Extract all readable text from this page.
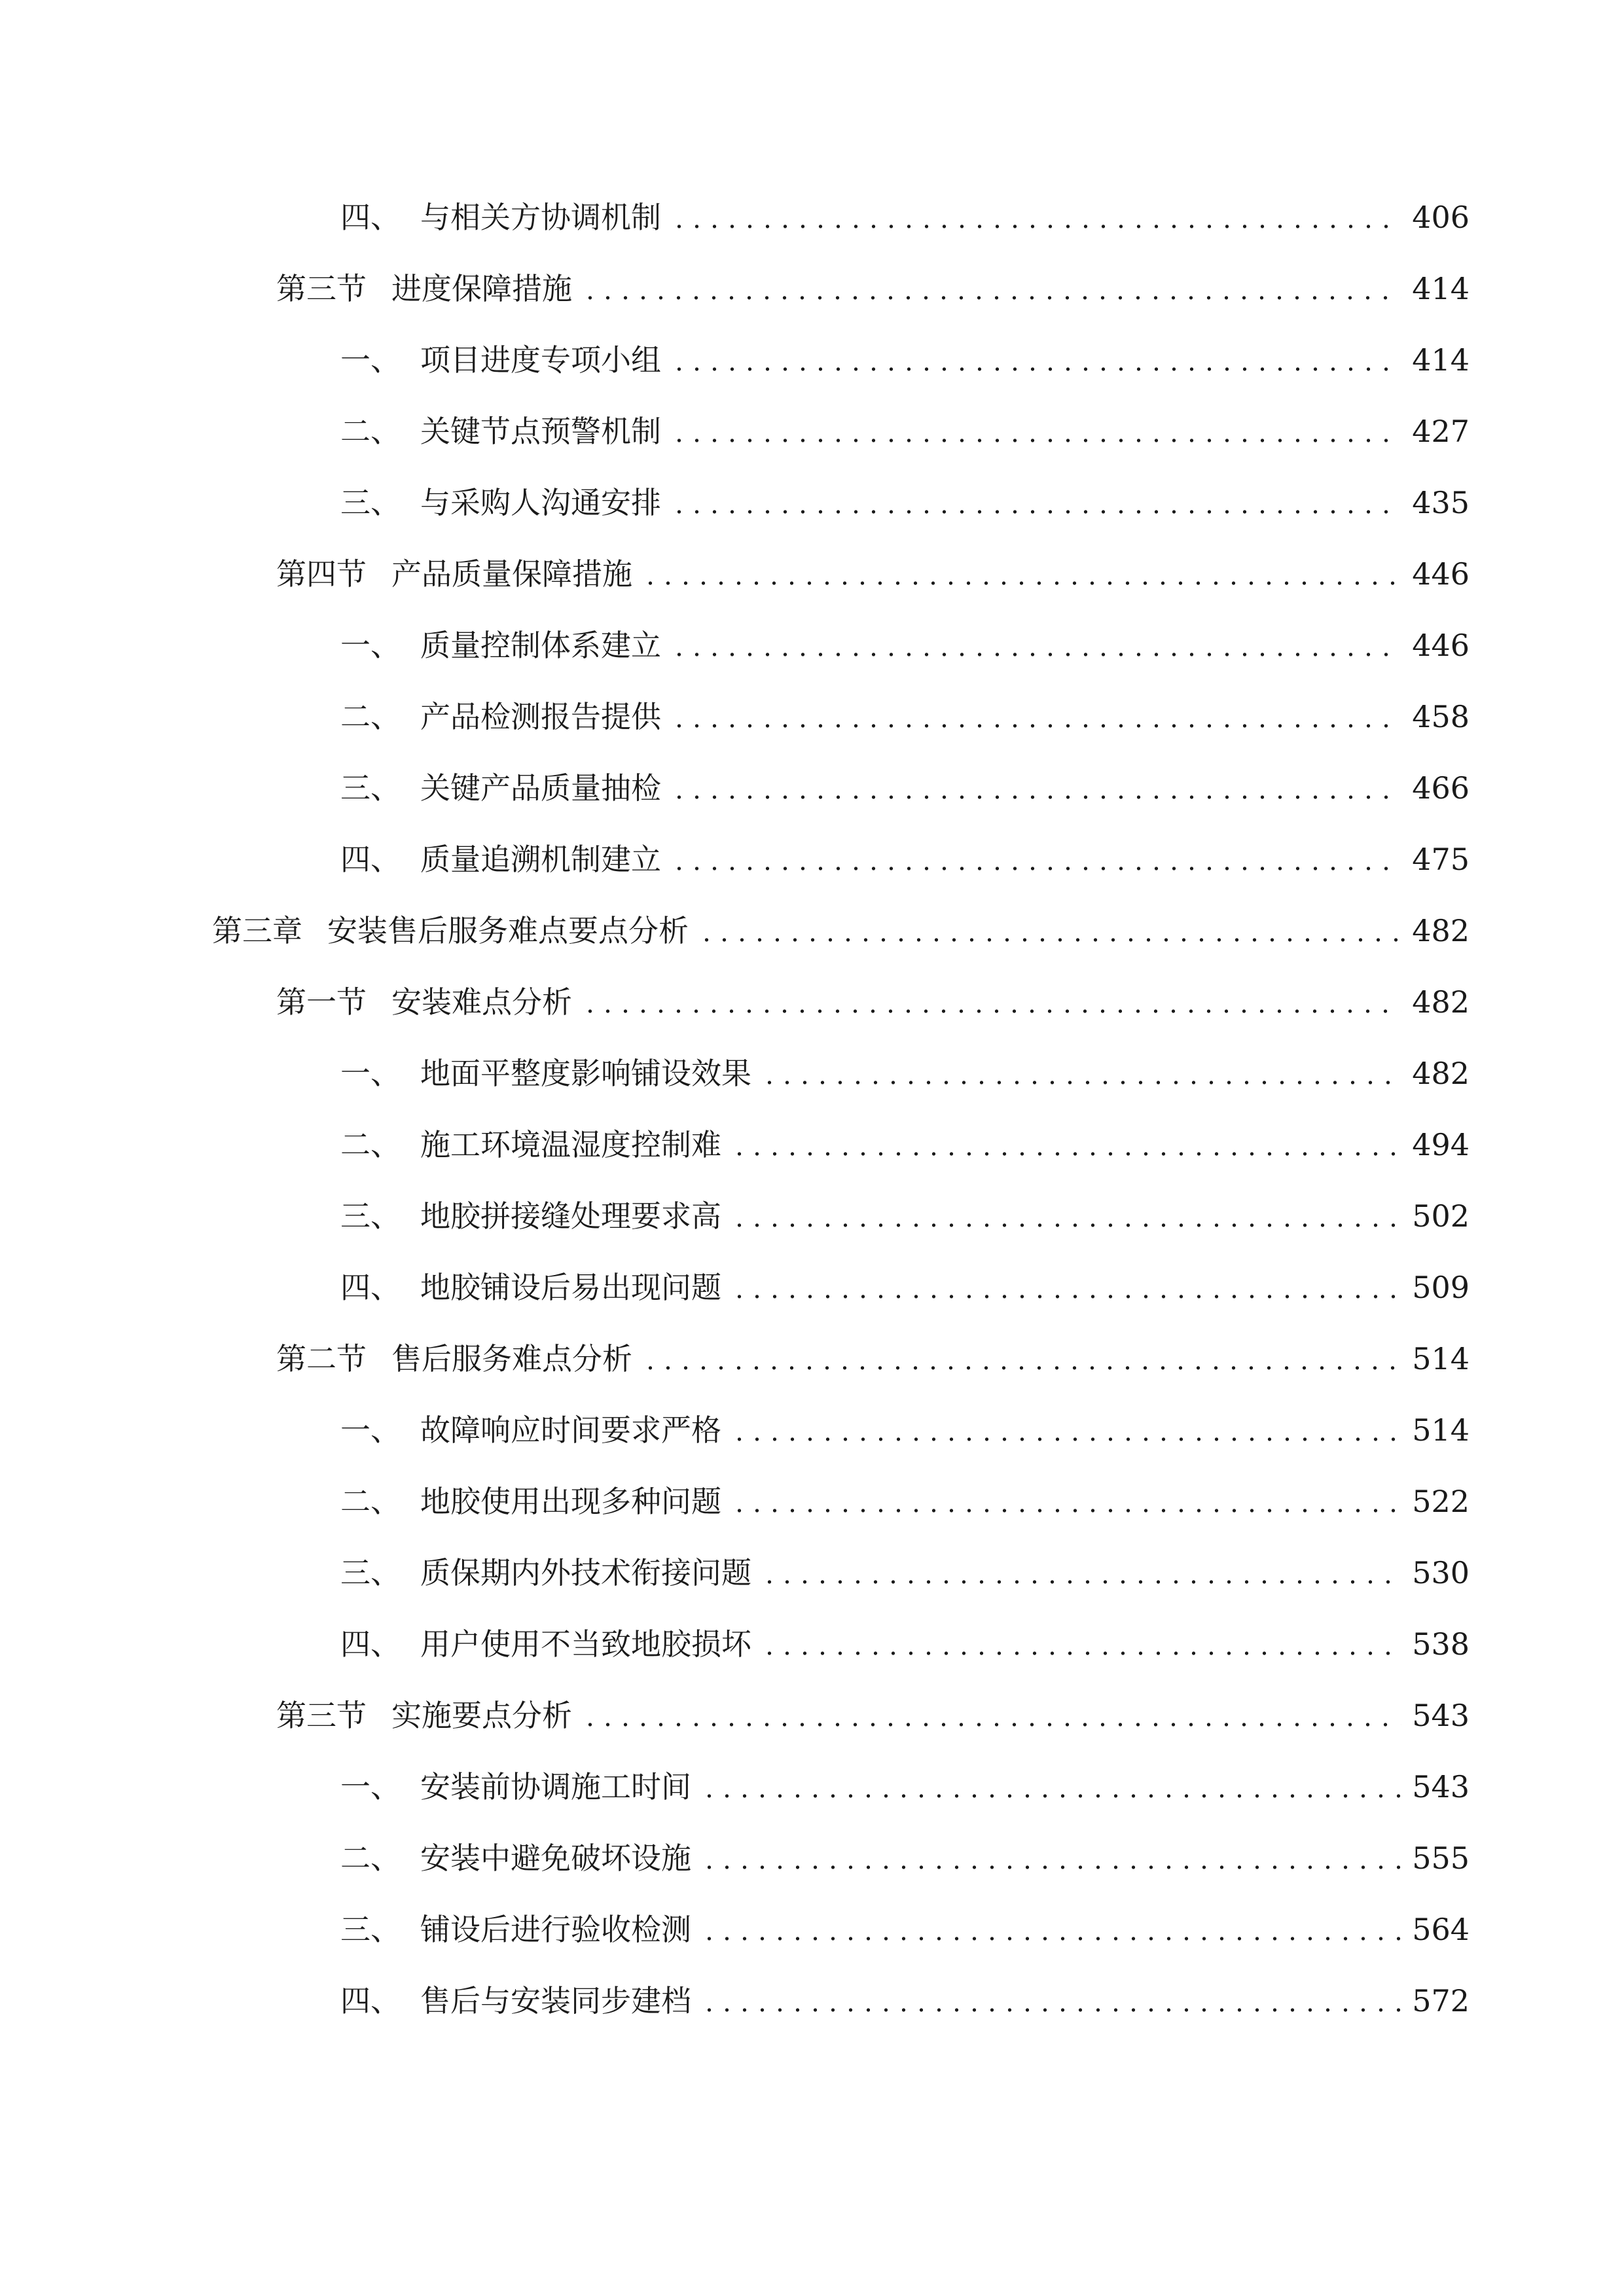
四、 与相关方协调机制	406
第三节 进度保障措施	414
一、 项目进度专项小组	414
二、 关键节点预警机制	427
三、 与采购人沟通安排	435
第四节 产品质量保障措施	446
一、 质量控制体系建立	446
二、 产品检测报告提供	458
三、 关键产品质量抽检	466
四、 质量追溯机制建立	475
第三章 安装售后服务难点要点分析	482
第一节 安装难点分析	482
一、 地面平整度影响铺设效果	482
二、 施工环境温湿度控制难	494
三、 地胶拼接缝处理要求高	502
四、 地胶铺设后易出现问题	509
第二节 售后服务难点分析	514
一、 故障响应时间要求严格	514
二、 地胶使用出现多种问题	522
三、 质保期内外技术衔接问题	530
四、 用户使用不当致地胶损坏	538
第三节 实施要点分析	543
一、 安装前协调施工时间	543
二、 安装中避免破坏设施	555
三、 铺设后进行验收检测	564
四、 售后与安装同步建档	572
